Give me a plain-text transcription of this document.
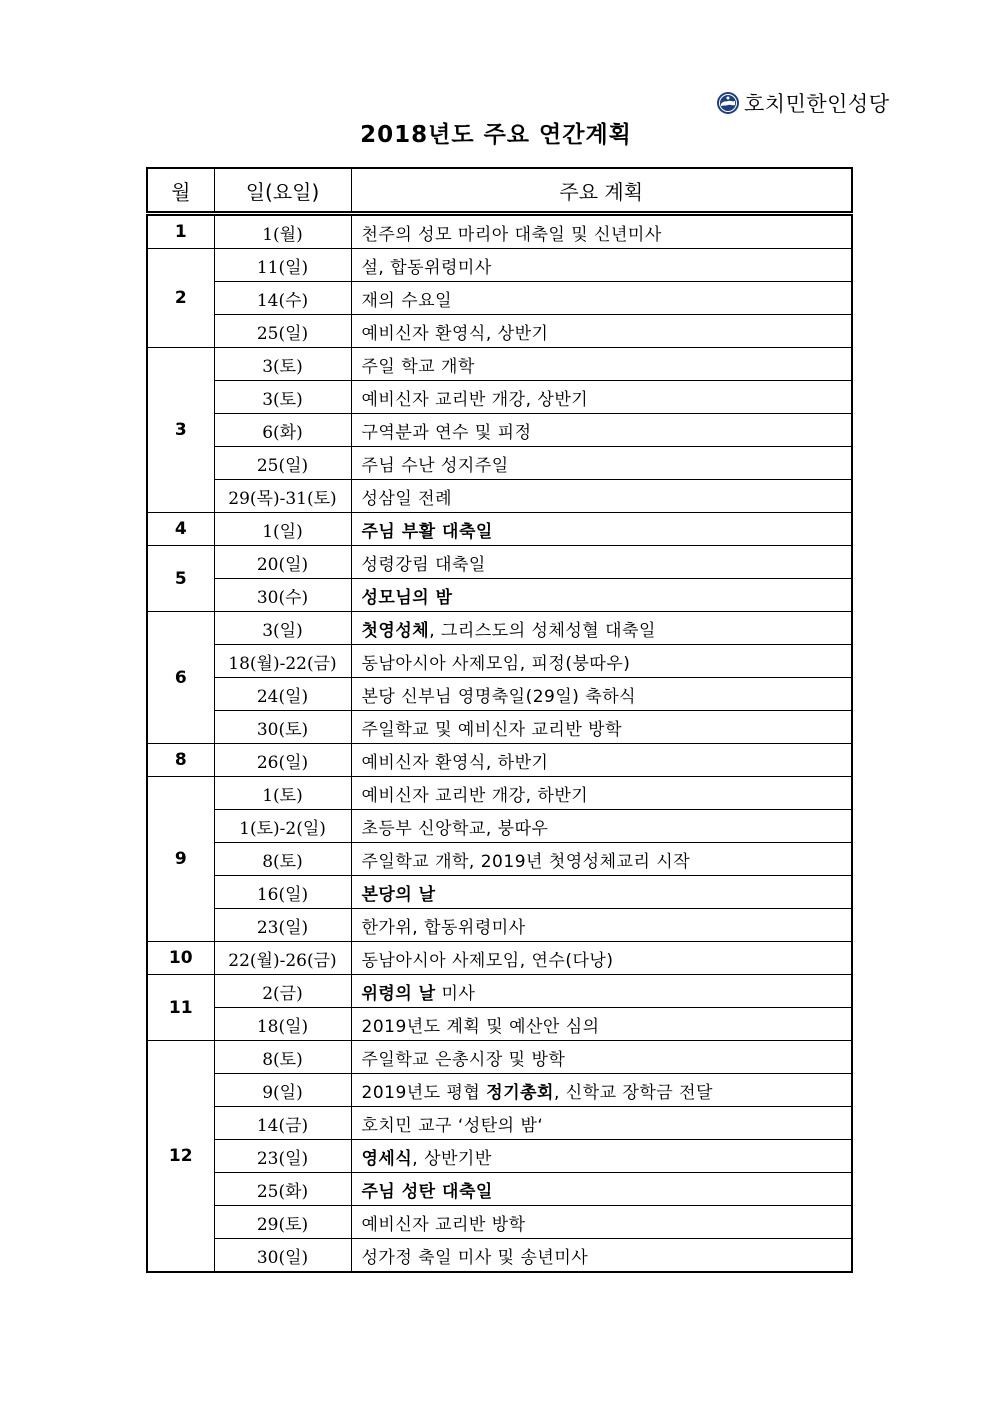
호치민한인성당
2018년도 주요 연간계획
월	일(요일)	주요 계획
1	1(월)	천주의 성모 마리아 대축일 및 신년미사
2	11(일)	설, 합동위령미사
	14(수)	재의 수요일
	25(일)	예비신자 환영식, 상반기
3	3(토)	주일 학교 개학
	3(토)	예비신자 교리반 개강, 상반기
	6(화)	구역분과 연수 및 피정
	25(일)	주님 수난 성지주일
	29(목)-31(토)	성삼일 전례
4	1(일)	주님 부활 대축일
5	20(일)	성령강림 대축일
	30(수)	성모님의 밤
6	3(일)	첫영성체, 그리스도의 성체성혈 대축일
	18(월)-22(금)	동남아시아 사제모임, 피정(붕따우)
	24(일)	본당 신부님 영명축일(29일) 축하식
	30(토)	주일학교 및 예비신자 교리반 방학
8	26(일)	예비신자 환영식, 하반기
9	1(토)	예비신자 교리반 개강, 하반기
	1(토)-2(일)	초등부 신앙학교, 붕따우
	8(토)	주일학교 개학, 2019년 첫영성체교리 시작
	16(일)	본당의 날
	23(일)	한가위, 합동위령미사
10	22(월)-26(금)	동남아시아 사제모임, 연수(다낭)
11	2(금)	위령의 날 미사
	18(일)	2019년도 계획 및 예산안 심의
12	8(토)	주일학교 은총시장 및 방학
	9(일)	2019년도 평협 정기총회, 신학교 장학금 전달
	14(금)	호치민 교구 ‘성탄의 밤‘
	23(일)	영세식, 상반기반
	25(화)	주님 성탄 대축일
	29(토)	예비신자 교리반 방학
	30(일)	성가정 축일 미사 및 송년미사
